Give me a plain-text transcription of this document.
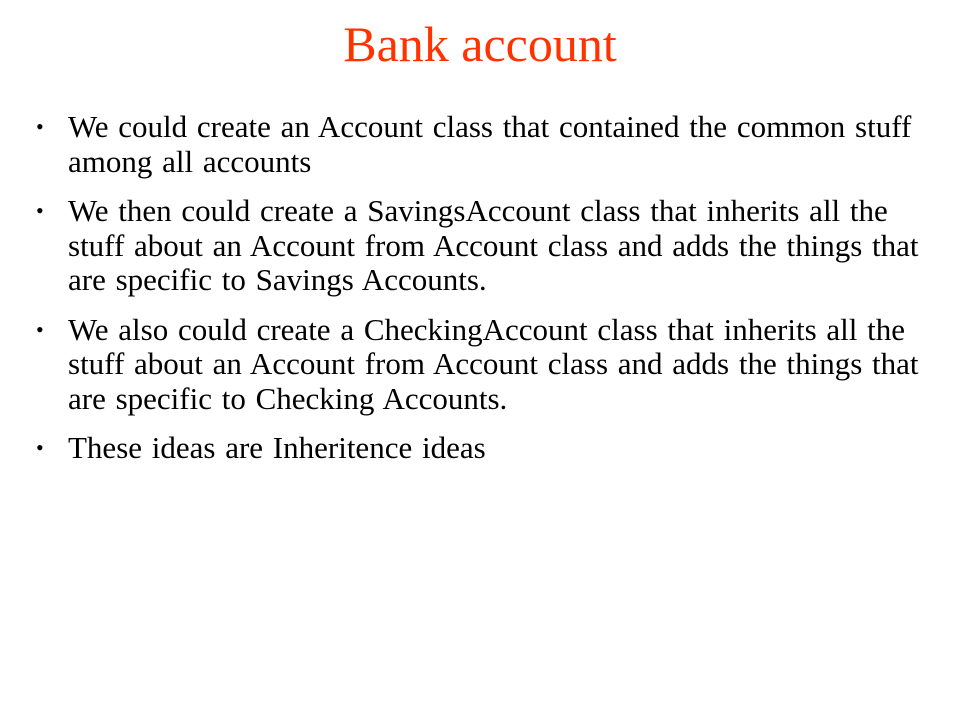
Bank account
• We could create an Account class that contained the common stuff among all accounts
• We then could create a SavingsAccount class that inherits all the stuff about an Account from Account class and adds the things that are specific to Savings Accounts.
• We also could create a CheckingAccount class that inherits all the stuff about an Account from Account class and adds the things that are specific to Checking Accounts.
• These ideas are Inheritence ideas
